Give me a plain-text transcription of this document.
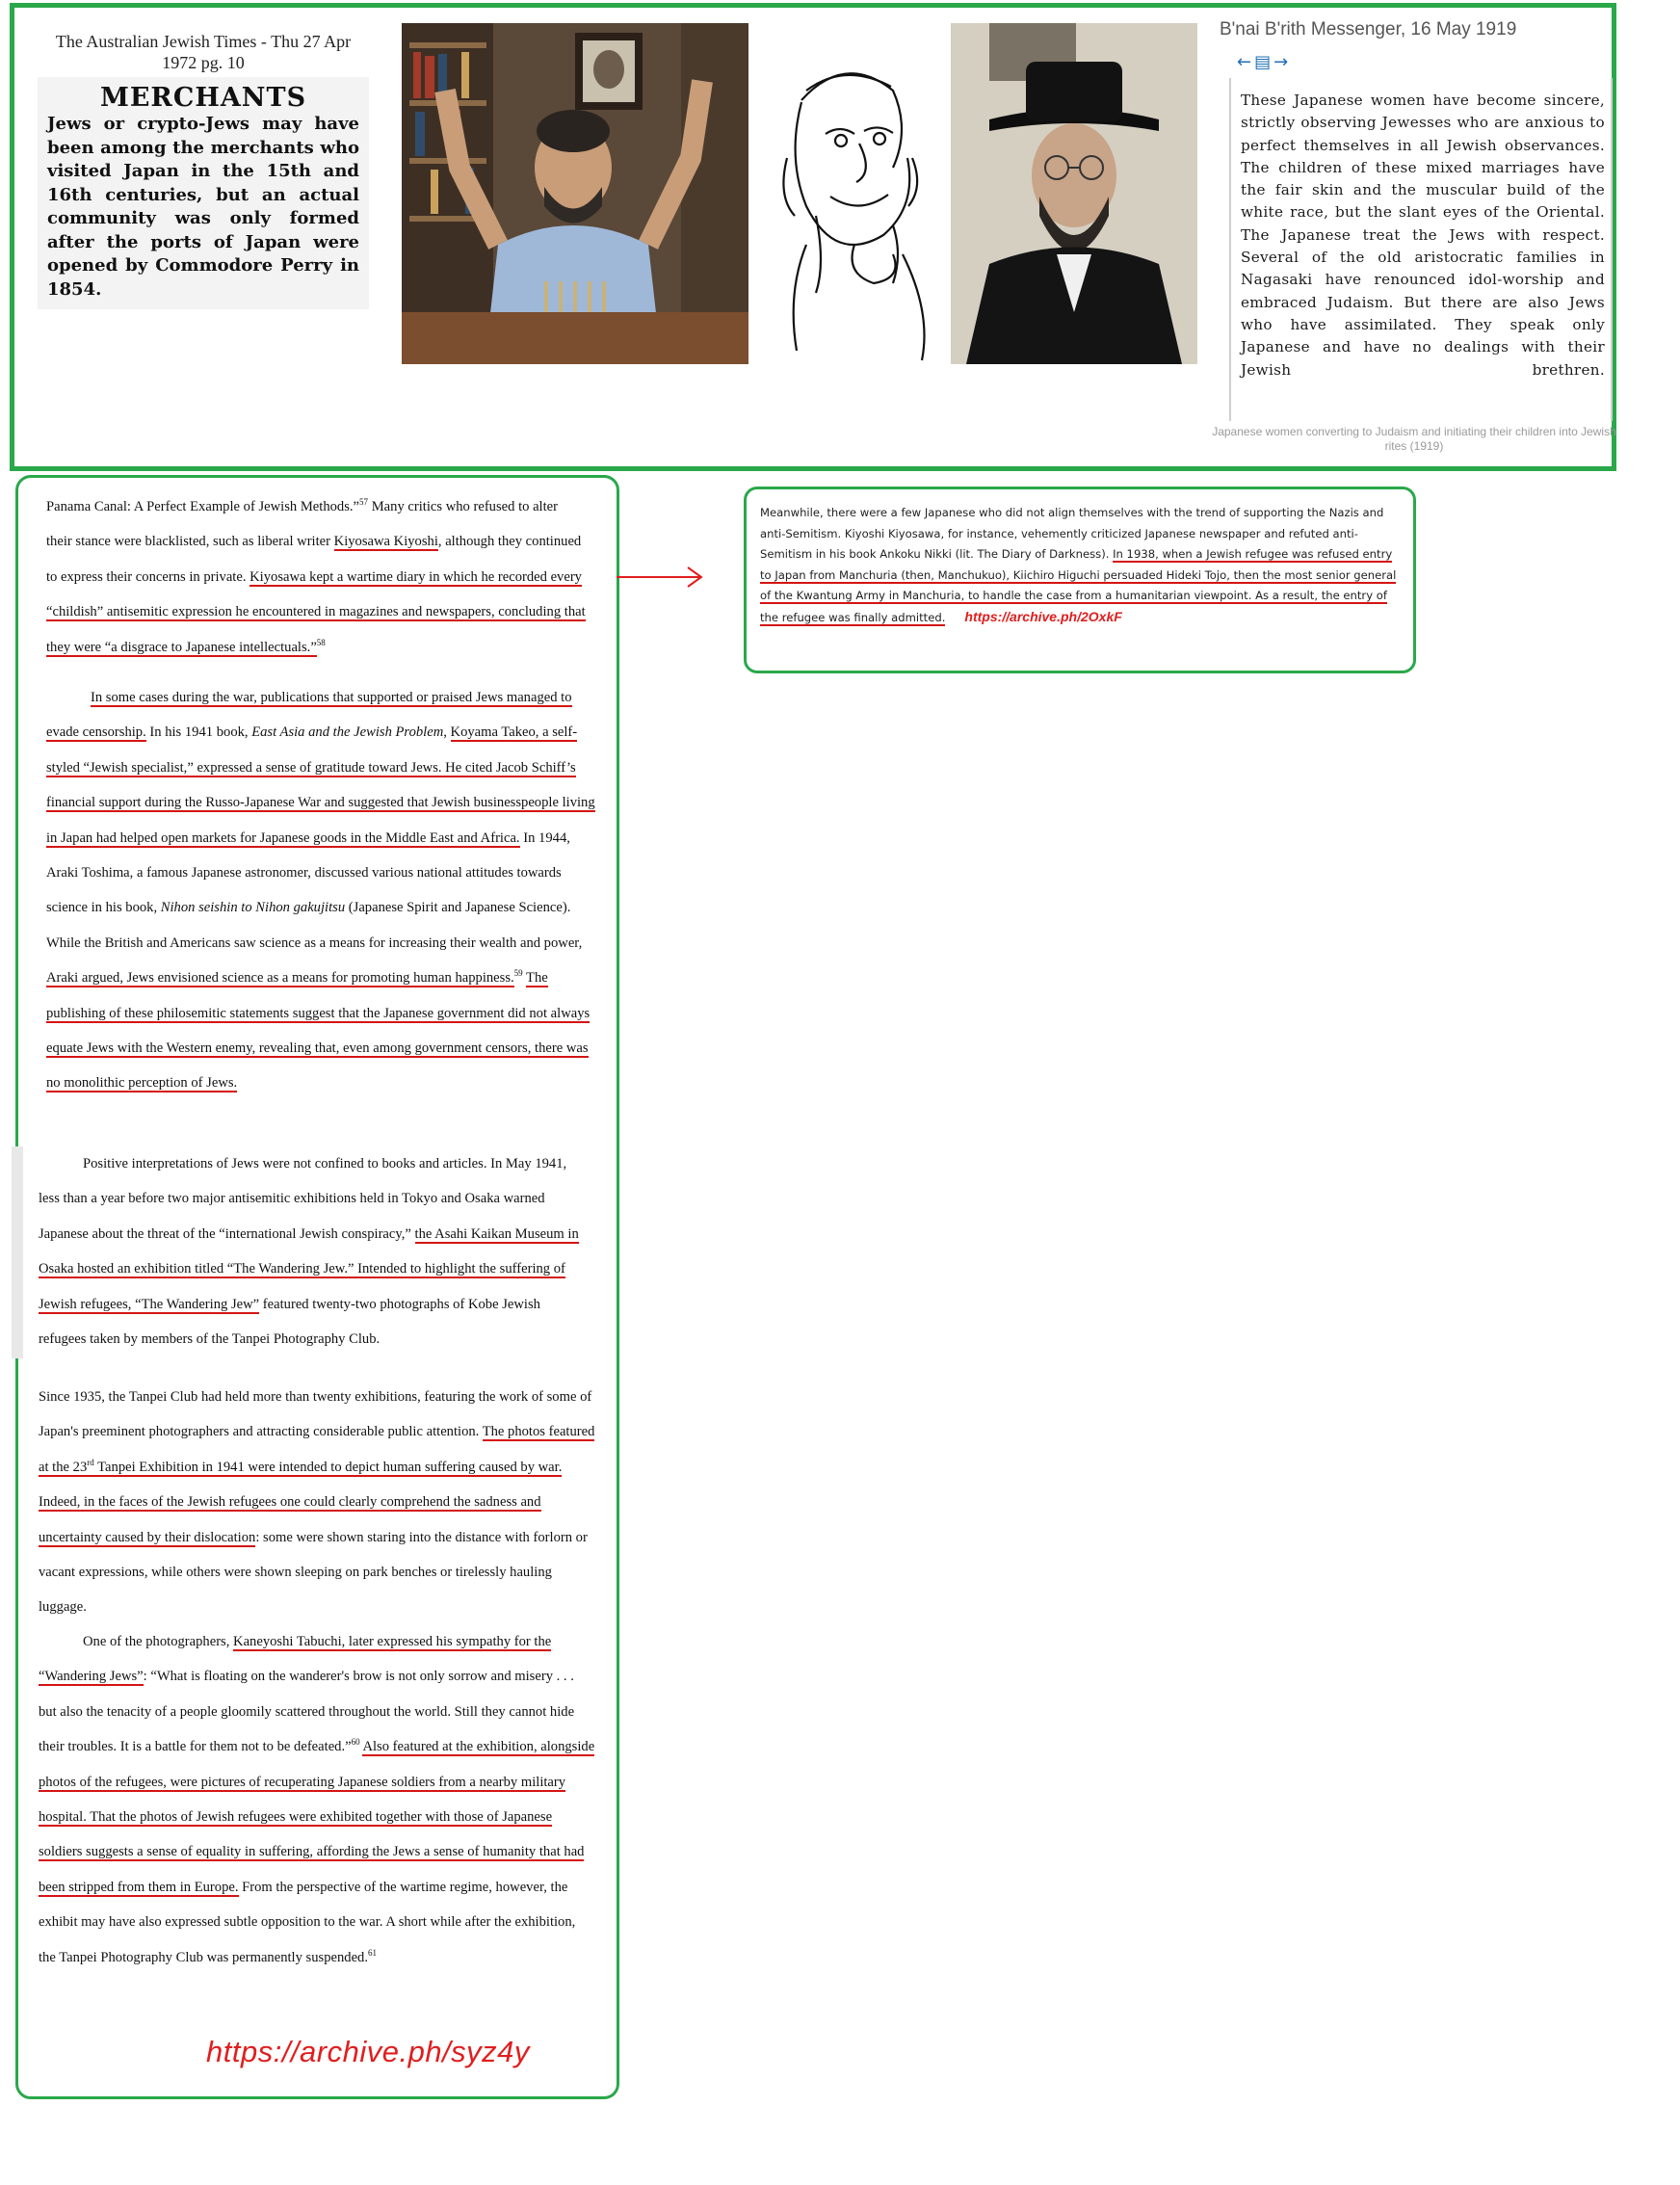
The Australian Jewish Times - Thu 27 Apr 1972 pg. 10
MERCHANTS
Jews or crypto-Jews may have been among the merchants who visited Japan in the 15th and 16th centuries, but an actual community was only formed after the ports of Japan were opened by Commodore Perry in 1854.
B'nai B'rith Messenger, 16 May 1919
←▤→
These Japanese women have become sincere, strictly observing Jewesses who are anxious to perfect themselves in all Jewish observances. The children of these mixed marriages have the fair skin and the muscular build of the white race, but the slant eyes of the Oriental. The Japanese treat the Jews with respect. Several of the old aristocratic families in Nagasaki have renounced idol-worship and embraced Judaism. But there are also Jews who have assimilated. They speak only Japanese and have no dealings with their Jewish brethren.
Japanese women converting to Judaism and initiating their children into Jewish rites (1919)

Panama Canal: A Perfect Example of Jewish Methods.”$^{57}$ Many critics who refused to alter their stance were blacklisted, such as liberal writer Kiyosawa Kiyoshi, although they continued to express their concerns in private. Kiyosawa kept a wartime diary in which he recorded every “childish” antisemitic expression he encountered in magazines and newspapers, concluding that they were “a disgrace to Japanese intellectuals.”$^{58}$

In some cases during the war, publications that supported or praised Jews managed to evade censorship. In his 1941 book, East Asia and the Jewish Problem, Koyama Takeo, a self-styled “Jewish specialist,” expressed a sense of gratitude toward Jews. He cited Jacob Schiff’s financial support during the Russo-Japanese War and suggested that Jewish businesspeople living in Japan had helped open markets for Japanese goods in the Middle East and Africa. In 1944, Araki Toshima, a famous Japanese astronomer, discussed various national attitudes towards science in his book, Nihon seishin to Nihon gakujitsu (Japanese Spirit and Japanese Science). While the British and Americans saw science as a means for increasing their wealth and power, Araki argued, Jews envisioned science as a means for promoting human happiness.$^{59}$ The publishing of these philosemitic statements suggest that the Japanese government did not always equate Jews with the Western enemy, revealing that, even among government censors, there was no monolithic perception of Jews.

Positive interpretations of Jews were not confined to books and articles. In May 1941, less than a year before two major antisemitic exhibitions held in Tokyo and Osaka warned Japanese about the threat of the “international Jewish conspiracy,” the Asahi Kaikan Museum in Osaka hosted an exhibition titled “The Wandering Jew.” Intended to highlight the suffering of Jewish refugees, “The Wandering Jew” featured twenty-two photographs of Kobe Jewish refugees taken by members of the Tanpei Photography Club.

Since 1935, the Tanpei Club had held more than twenty exhibitions, featuring the work of some of Japan's preeminent photographers and attracting considerable public attention. The photos featured at the 23rd Tanpei Exhibition in 1941 were intended to depict human suffering caused by war. Indeed, in the faces of the Jewish refugees one could clearly comprehend the sadness and uncertainty caused by their dislocation: some were shown staring into the distance with forlorn or vacant expressions, while others were shown sleeping on park benches or tirelessly hauling luggage.

One of the photographers, Kaneyoshi Tabuchi, later expressed his sympathy for the “Wandering Jews”: “What is floating on the wanderer's brow is not only sorrow and misery . . . but also the tenacity of a people gloomily scattered throughout the world. Still they cannot hide their troubles. It is a battle for them not to be defeated.”$^{60}$ Also featured at the exhibition, alongside photos of the refugees, were pictures of recuperating Japanese soldiers from a nearby military hospital. That the photos of Jewish refugees were exhibited together with those of Japanese soldiers suggests a sense of equality in suffering, affording the Jews a sense of humanity that had been stripped from them in Europe. From the perspective of the wartime regime, however, the exhibit may have also expressed subtle opposition to the war. A short while after the exhibition, the Tanpei Photography Club was permanently suspended.$^{61}$

https://archive.ph/syz4y
Meanwhile, there were a few Japanese who did not align themselves with the trend of supporting the Nazis and anti-Semitism. Kiyoshi Kiyosawa, for instance, vehemently criticized Japanese newspaper and refuted anti-Semitism in his book Ankoku Nikki (lit. The Diary of Darkness). In 1938, when a Jewish refugee was refused entry to Japan from Manchuria (then, Manchukuo), Kiichiro Higuchi persuaded Hideki Tojo, then the most senior general of the Kwantung Army in Manchuria, to handle the case from a humanitarian viewpoint. As a result, the entry of the refugee was finally admitted. https://archive.ph/2OxkF
